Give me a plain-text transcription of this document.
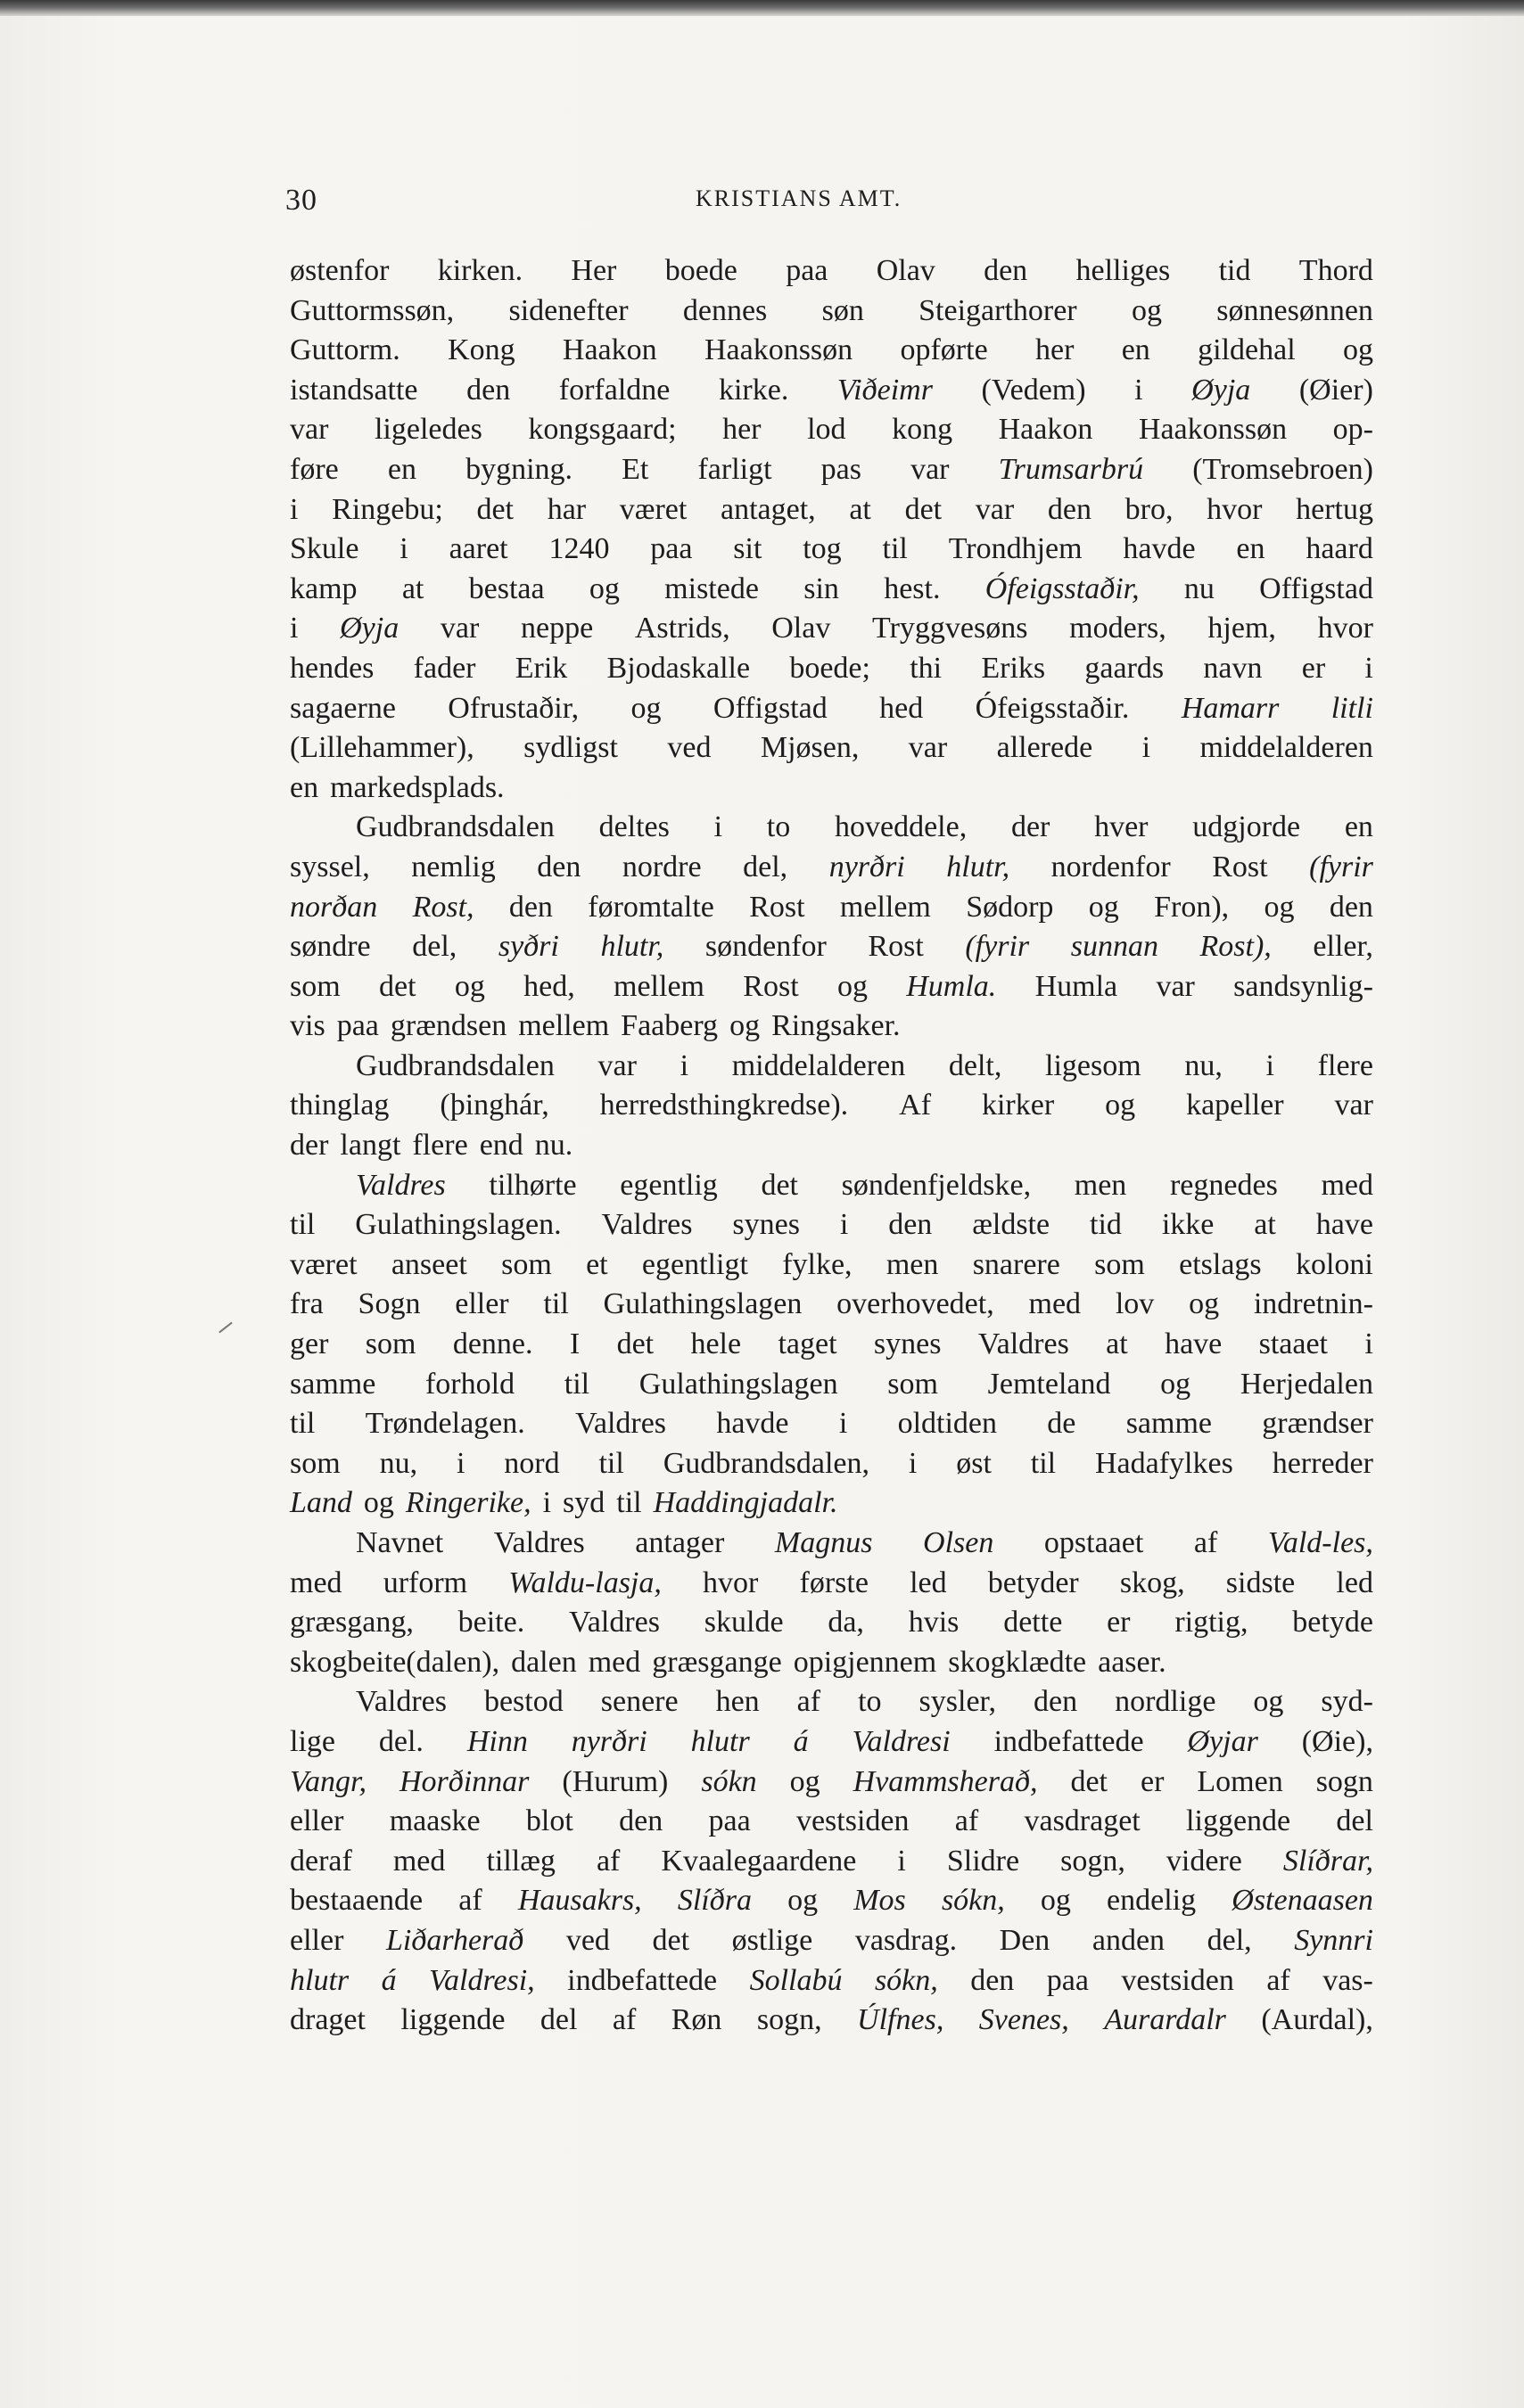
30	KRISTIANS AMT.
østenfor kirken. Her boede paa Olav den helliges tid Thord
Guttormssøn, sidenefter dennes søn Steigarthorer og sønnesønnen
Guttorm. Kong Haakon Haakonssøn opførte her en gildehal og
istandsatte den forfaldne kirke. Viðeimr (Vedem) i Øyja (Øier)
var ligeledes kongsgaard; her lod kong Haakon Haakonssøn op-
føre en bygning. Et farligt pas var Trumsarbrú (Tromsebroen)
i Ringebu; det har været antaget, at det var den bro, hvor hertug
Skule i aaret 1240 paa sit tog til Trondhjem havde en haard
kamp at bestaa og mistede sin hest. Ófeigsstaðir, nu Offigstad
i Øyja var neppe Astrids, Olav Tryggvesøns moders, hjem, hvor
hendes fader Erik Bjodaskalle boede; thi Eriks gaards navn er i
sagaerne Ofrustaðir, og Offigstad hed Ófeigsstaðir. Hamarr litli
(Lillehammer), sydligst ved Mjøsen, var allerede i middelalderen
en markedsplads.
Gudbrandsdalen deltes i to hoveddele, der hver udgjorde en
syssel, nemlig den nordre del, nyrðri hlutr, nordenfor Rost (fyrir
norðan Rost, den føromtalte Rost mellem Sødorp og Fron), og den
søndre del, syðri hlutr, søndenfor Rost (fyrir sunnan Rost), eller,
som det og hed, mellem Rost og Humla. Humla var sandsynlig-
vis paa grændsen mellem Faaberg og Ringsaker.
Gudbrandsdalen var i middelalderen delt, ligesom nu, i flere
thinglag (þinghár, herredsthingkredse). Af kirker og kapeller var
der langt flere end nu.
Valdres tilhørte egentlig det søndenfjeldske, men regnedes med
til Gulathingslagen. Valdres synes i den ældste tid ikke at have
været anseet som et egentligt fylke, men snarere som etslags koloni
fra Sogn eller til Gulathingslagen overhovedet, med lov og indretnin-
ger som denne. I det hele taget synes Valdres at have staaet i
samme forhold til Gulathingslagen som Jemteland og Herjedalen
til Trøndelagen. Valdres havde i oldtiden de samme grændser
som nu, i nord til Gudbrandsdalen, i øst til Hadafylkes herreder
Land og Ringerike, i syd til Haddingjadalr.
Navnet Valdres antager Magnus Olsen opstaaet af Vald-les,
med urform Waldu-lasja, hvor første led betyder skog, sidste led
græsgang, beite. Valdres skulde da, hvis dette er rigtig, betyde
skogbeite(dalen), dalen med græsgange opigjennem skogklædte aaser.
Valdres bestod senere hen af to sysler, den nordlige og syd-
lige del. Hinn nyrðri hlutr á Valdresi indbefattede Øyjar (Øie),
Vangr, Horðinnar (Hurum) sókn og Hvammsherað, det er Lomen sogn
eller maaske blot den paa vestsiden af vasdraget liggende del
deraf med tillæg af Kvaalegaardene i Slidre sogn, videre Slíðrar,
bestaaende af Hausakrs, Slíðra og Mos sókn, og endelig Østenaasen
eller Liðarherað ved det østlige vasdrag. Den anden del, Synnri
hlutr á Valdresi, indbefattede Sollabú sókn, den paa vestsiden af vas-
draget liggende del af Røn sogn, Úlfnes, Svenes, Aurardalr (Aurdal),
